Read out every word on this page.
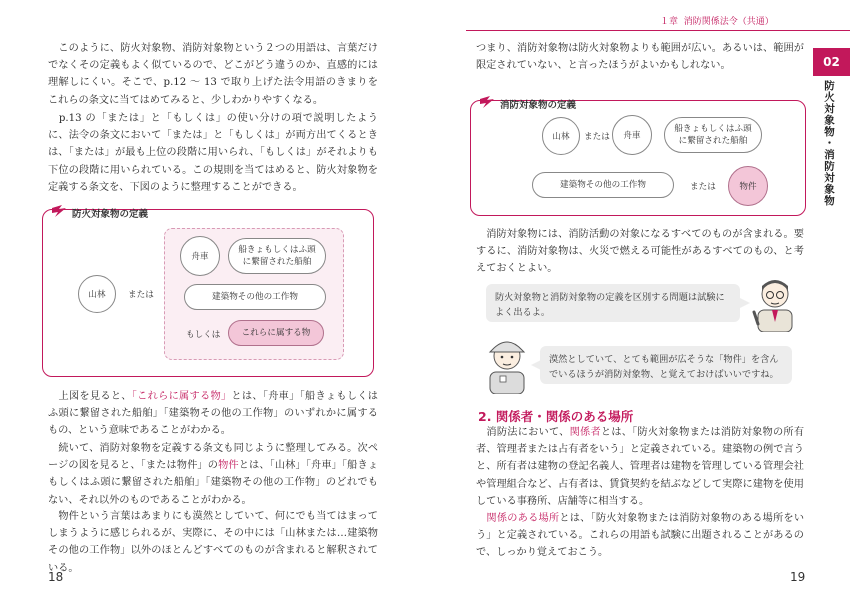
１章 消防関係法令（共通）
02
防火対象物・消防対象物

　このように、防火対象物、消防対象物という２つの用語は、言葉だけでなくその定義もよく似ているので、どこがどう違うのか、直感的には理解しにくい。そこで、p.12 〜 13 で取り上げた法令用語のきまりをこれらの条文に当てはめてみると、少しわかりやすくなる。

　p.13 の「または」と「もしくは」の使い分けの項で説明したように、法令の条文において「または」と「もしくは」が両方出てくるときは、「または」が最も上位の段階に用いられ、「もしくは」がそれよりも下位の段階に用いられている。この規則を当てはめると、防火対象物を定義する条文を、下図のように整理することができる。

防火対象物の定義
山林	または
舟車
船きょもしくはふ頭に繋留された船舶
建築物その他の工作物
もしくは	これらに属する物

　上図を見ると、「これらに属する物」とは、「舟車」「船きょもしくはふ頭に繋留された船舶」「建築物その他の工作物」のいずれかに属するもの、という意味であることがわかる。

　続いて、消防対象物を定義する条文も同じように整理してみる。次ページの図を見ると、「または物件」の物件とは、「山林」「舟車」「船きょもしくはふ頭に繋留された船舶」「建築物その他の工作物」のどれでもない、それ以外のものであることがわかる。

　物件という言葉はあまりにも漠然としていて、何にでも当てはまってしまうように感じられるが、実際に、その中には「山林または…建築物その他の工作物」以外のほとんどすべてのものが含まれると解釈されている。

18

つまり、消防対象物は防火対象物よりも範囲が広い。あるいは、範囲が限定されていない、と言ったほうがよいかもしれない。

消防対象物の定義
山林	または	舟車
船きょもしくはふ頭に繋留された船舶
建築物その他の工作物	または	物件

　消防対象物には、消防活動の対象になるすべてのものが含まれる。要するに、消防対象物は、火災で燃える可能性があるすべてのもの、と考えておくとよい。

防火対象物と消防対象物の定義を区別する問題は試験によく出るよ。
漠然としていて、とても範囲が広そうな「物件」を含んでいるほうが消防対象物、と覚えておけばいいですね。
2. 関係者・関係のある場所

　消防法において、関係者とは、「防火対象物または消防対象物の所有者、管理者または占有者をいう」と定義されている。建築物の例で言うと、所有者は建物の登記名義人、管理者は建物を管理している管理会社や管理組合など、占有者は、賃貸契約を結ぶなどして実際に建物を使用している事務所、店舗等に相当する。

　関係のある場所とは、「防火対象物または消防対象物のある場所をいう」と定義されている。これらの用語も試験に出題されることがあるので、しっかり覚えておこう。

19
